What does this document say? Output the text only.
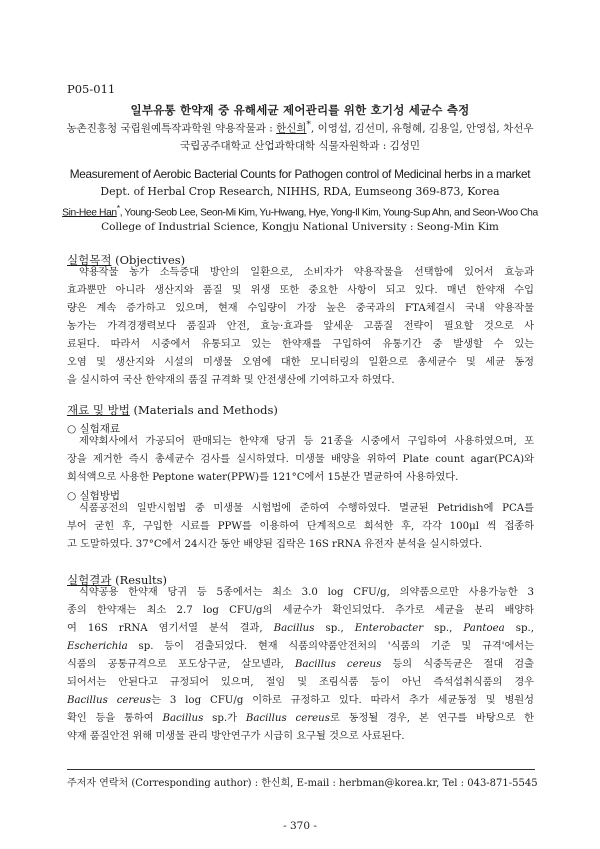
P05-011
일부유통 한약재 중 유해세균 제어관리를 위한 호기성 세균수 측정
농촌진흥청 국립원예특작과학원 약용작물과 : 한신희*, 이영섭, 김선미, 유형혜, 김용일, 안영섭, 차선우
국립공주대학교 산업과학대학 식물자원학과 : 김성민
Measurement of Aerobic Bacterial Counts for Pathogen control of Medicinal herbs in a market
Dept. of Herbal Crop Research, NIHHS, RDA, Eumseong 369-873, Korea
Sin-Hee Han*, Young-Seob Lee, Seon-Mi Kim, Yu-Hwang, Hye, Yong-Il Kim, Young-Sup Ahn, and Seon-Woo Cha
College of Industrial Science, Kongju National University : Seong-Min Kim
실험목적 (Objectives)

약용작물 농가 소득증대 방안의 일환으로, 소비자가 약용작물을 선택함에 있어서 효능과

효과뿐만 아니라 생산지와 품질 및 위생 또한 중요한 사항이 되고 있다. 매년 한약재 수입

량은 계속 증가하고 있으며, 현재 수입량이 가장 높은 중국과의 FTA체결시 국내 약용작물

농가는 가격경쟁력보다 품질과 안전, 효능·효과를 앞세운 고품질 전략이 필요할 것으로 사

료된다. 따라서 시중에서 유통되고 있는 한약재를 구입하여 유통기간 중 발생할 수 있는

오염 및 생산지와 시설의 미생물 오염에 대한 모니터링의 일환으로 총세균수 및 세균 동정

을 실시하여 국산 한약재의 품질 규격화 및 안전생산에 기여하고자 하였다.

재료 및 방법 (Materials and Methods)
○ 실험재료

제약회사에서 가공되어 판매되는 한약재 당귀 등 21종을 시중에서 구입하여 사용하였으며, 포

장을 제거한 즉시 총세균수 검사를 실시하였다. 미생물 배양을 위하여 Plate count agar(PCA)와

희석액으로 사용한 Peptone water(PPW)를 121°C에서 15분간 멸균하여 사용하였다.

○ 실험방법

식품공전의 일반시험법 중 미생물 시험법에 준하여 수행하였다. 멸균된 Petridish에 PCA를

부어 굳힌 후, 구입한 시료를 PPW를 이용하여 단계적으로 희석한 후, 각각 100μl 씩 접종하

고 도말하였다. 37°C에서 24시간 동안 배양된 집락은 16S rRNA 유전자 분석을 실시하였다.

실험결과 (Results)

식약공용 한약재 당귀 등 5종에서는 최소 3.0 log CFU/g, 의약품으로만 사용가능한 3

종의 한약재는 최소 2.7 log CFU/g의 세균수가 확인되었다. 추가로 세균을 분리 배양하

여 16S rRNA 염기서열 분석 결과, Bacillus sp., Enterobacter sp., Pantoea sp.,

Escherichia sp. 등이 검출되었다. 현재 식품의약품안전처의 '식품의 기준 및 규격'에서는

식품의 공통규격으로 포도상구균, 살모넬라, Bacillus cereus 등의 식중독균은 절대 검출

되어서는 안된다고 규정되어 있으며, 절임 및 조림식품 등이 아닌 즉석섭취식품의 경우

Bacillus cereus는 3 log CFU/g 이하로 규정하고 있다. 따라서 추가 세균동정 및 병원성

확인 등을 통하여 Bacillus sp.가 Bacillus cereus로 동정될 경우, 본 연구를 바탕으로 한

약재 품질안전 위해 미생물 관리 방안연구가 시급히 요구될 것으로 사료된다.

주저자 연락처 (Corresponding author) : 한신희, E-mail : herbman@korea.kr, Tel : 043-871-5545
- 370 -
